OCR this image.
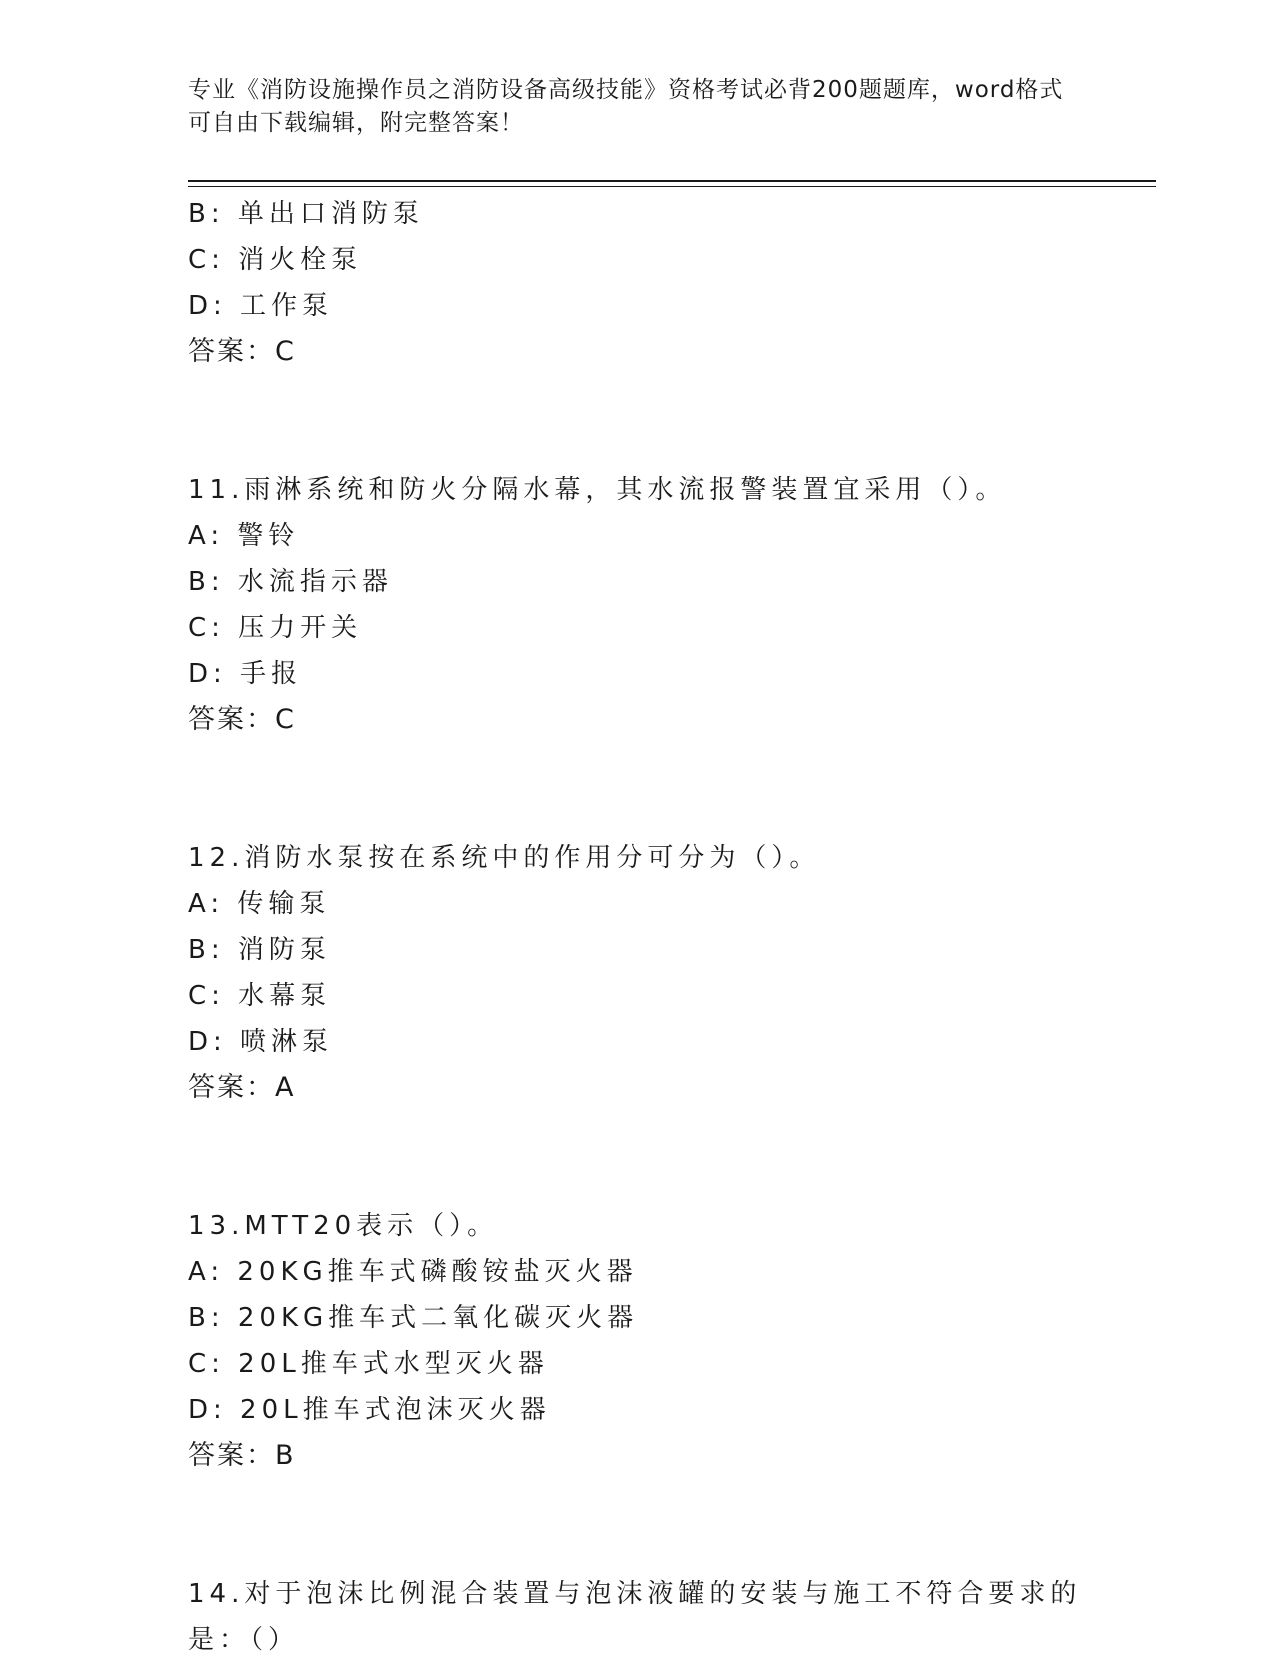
专业《消防设施操作员之消防设备高级技能》资格考试必背200题题库，word格式可自由下载编辑，附完整答案！
B: 单出口消防泵
C: 消火栓泵
D: 工作泵
答案：C
11.雨淋系统和防火分隔水幕，其水流报警装置宜采用（）。
A: 警铃
B: 水流指示器
C: 压力开关
D: 手报
答案：C
12.消防水泵按在系统中的作用分可分为（）。
A: 传输泵
B: 消防泵
C: 水幕泵
D: 喷淋泵
答案：A
13.MTT20表示（）。
A: 20KG推车式磷酸铵盐灭火器
B: 20KG推车式二氧化碳灭火器
C: 20L推车式水型灭火器
D: 20L推车式泡沫灭火器
答案：B
14.对于泡沫比例混合装置与泡沫液罐的安装与施工不符合要求的是：（）
